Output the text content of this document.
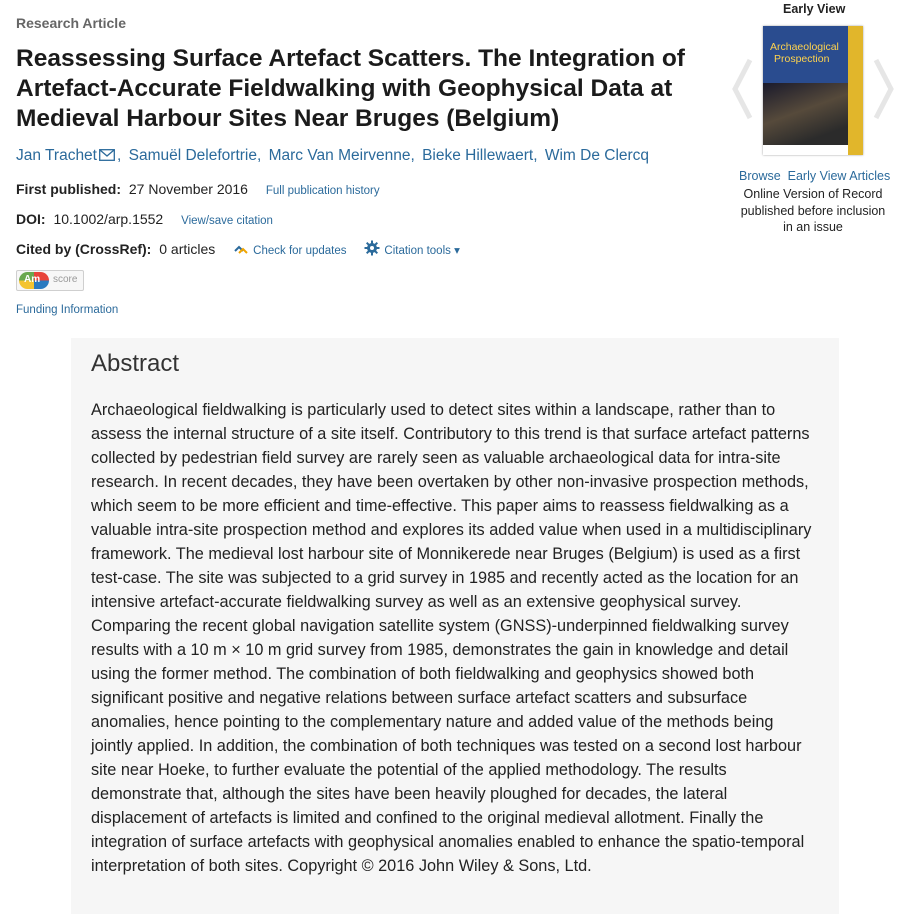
Research Article
Reassessing Surface Artefact Scatters. The Integration of Artefact-Accurate Fieldwalking with Geophysical Data at Medieval Harbour Sites Near Bruges (Belgium)
Jan Trachet , Samuël Delefortrie, Marc Van Meirvenne, Bieke Hillewaert, Wim De Clercq
First published: 27 November 2016 Full publication history
DOI: 10.1002/arp.1552 View/save citation
Cited by (CrossRef): 0 articles	Check for updates	Citation tools ▾
Am score
Funding Information
Early View
Archaeological
Prospection
Browse Early View Articles
Online Version of Record published before inclusion in an issue
Abstract

Archaeological fieldwalking is particularly used to detect sites within a landscape, rather than to assess the internal structure of a site itself. Contributory to this trend is that surface artefact patterns collected by pedestrian field survey are rarely seen as valuable archaeological data for intra-site research. In recent decades, they have been overtaken by other non-invasive prospection methods, which seem to be more efficient and time-effective. This paper aims to reassess fieldwalking as a valuable intra-site prospection method and explores its added value when used in a multidisciplinary framework. The medieval lost harbour site of Monnikerede near Bruges (Belgium) is used as a first test-case. The site was subjected to a grid survey in 1985 and recently acted as the location for an intensive artefact-accurate fieldwalking survey as well as an extensive geophysical survey. Comparing the recent global navigation satellite system (GNSS)-underpinned fieldwalking survey results with a 10 m × 10 m grid survey from 1985, demonstrates the gain in knowledge and detail using the former method. The combination of both fieldwalking and geophysics showed both significant positive and negative relations between surface artefact scatters and subsurface anomalies, hence pointing to the complementary nature and added value of the methods being jointly applied. In addition, the combination of both techniques was tested on a second lost harbour site near Hoeke, to further evaluate the potential of the applied methodology. The results demonstrate that, although the sites have been heavily ploughed for decades, the lateral displacement of artefacts is limited and confined to the original medieval allotment. Finally the integration of surface artefacts with geophysical anomalies enabled to enhance the spatio-temporal interpretation of both sites. Copyright © 2016 John Wiley & Sons, Ltd.
